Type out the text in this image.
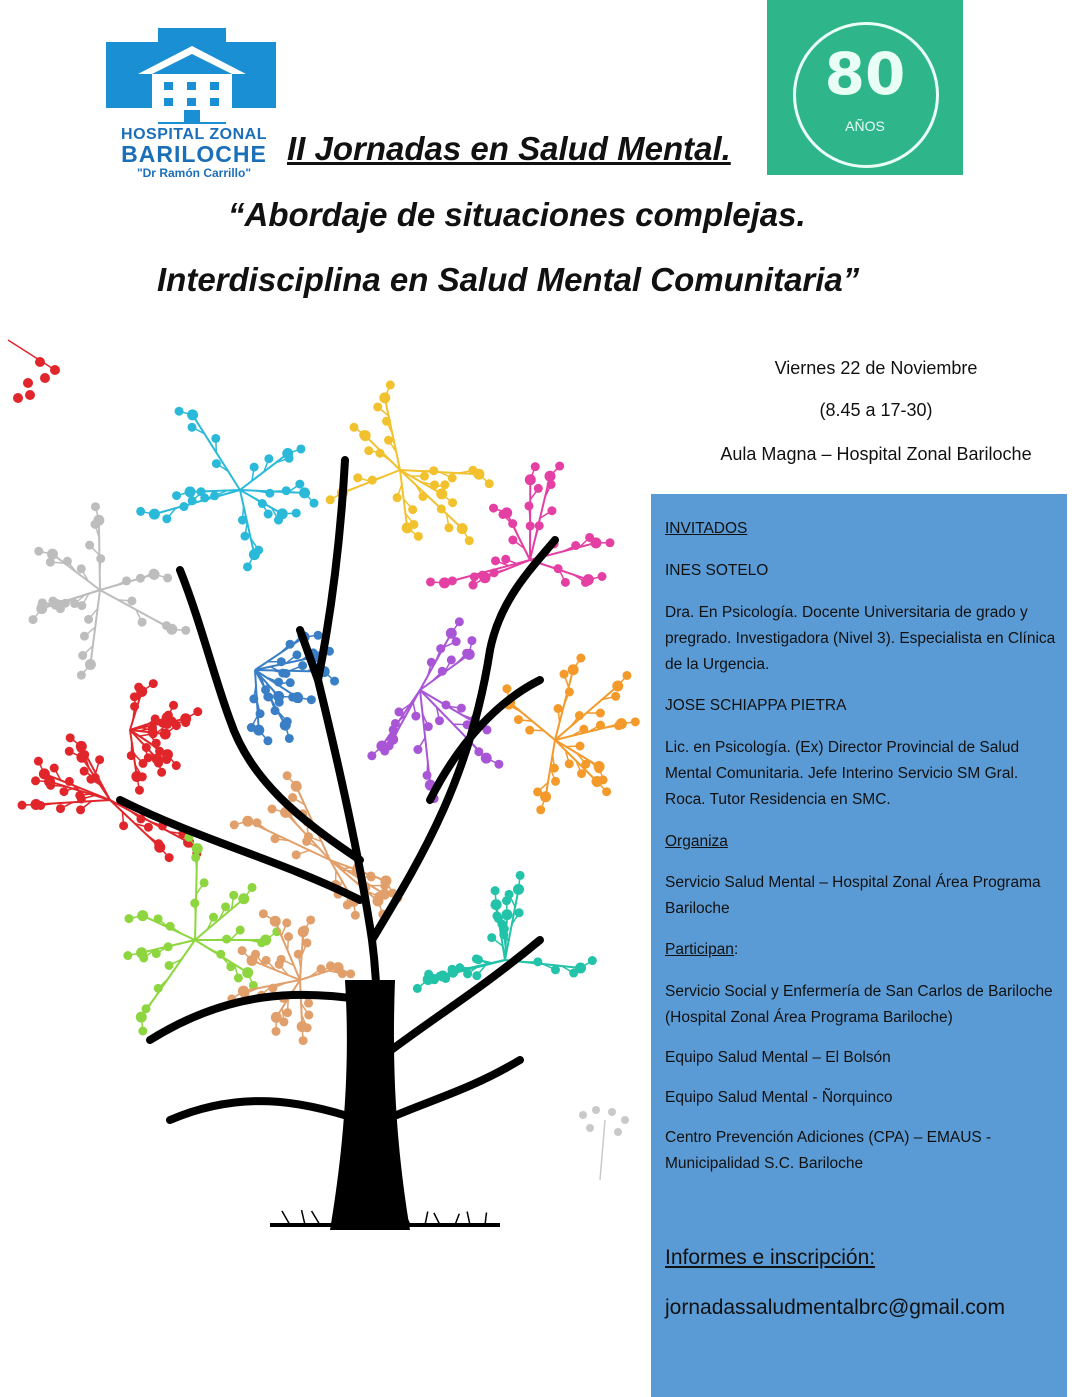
HOSPITAL ZONAL
BARILOCHE
"Dr Ramón Carrillo"
80
AÑOS
II Jornadas en Salud Mental.
“Abordaje de situaciones complejas.
Interdisciplina en Salud Mental Comunitaria”
Viernes 22 de Noviembre
(8.45 a 17-30)
Aula Magna – Hospital Zonal Bariloche
INVITADOS
INES SOTELO
Dra. En Psicología. Docente Universitaria de grado y pregrado. Investigadora (Nivel 3). Especialista en Clínica de la Urgencia.
JOSE SCHIAPPA PIETRA
Lic. en Psicología. (Ex) Director Provincial de Salud Mental Comunitaria. Jefe Interino Servicio SM Gral. Roca. Tutor Residencia en SMC.
Organiza
Servicio Salud Mental – Hospital Zonal Área Programa Bariloche
Participan:
Servicio Social y Enfermería de San Carlos de Bariloche (Hospital Zonal Área Programa Bariloche)
Equipo Salud Mental – El Bolsón
Equipo Salud Mental - Ñorquinco
Centro Prevención Adiciones (CPA) – EMAUS - Municipalidad S.C. Bariloche
Informes e inscripción:
jornadassaludmentalbrc@gmail.com
